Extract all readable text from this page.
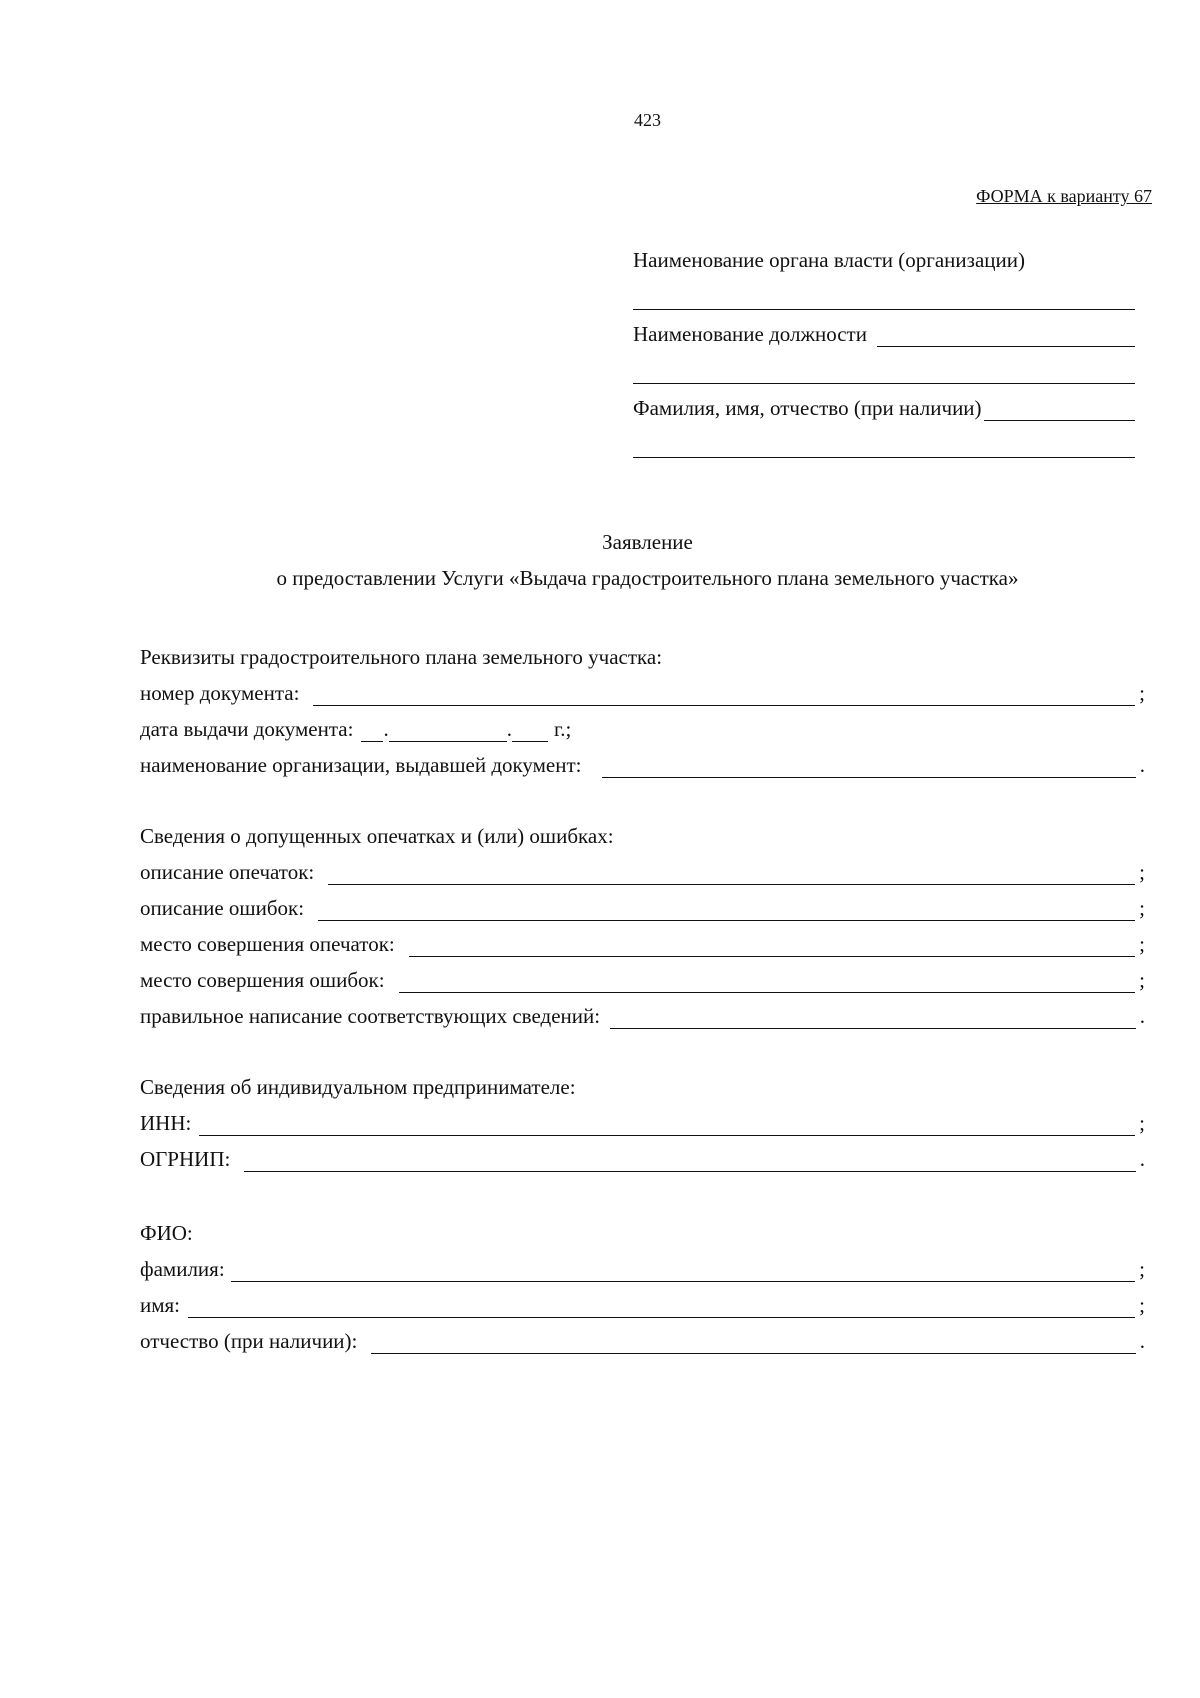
423
ФОРМА к варианту 67
Наименование органа власти (организации)
Наименование должности
Фамилия, имя, отчество (при наличии)
Заявление
о предоставлении Услуги «Выдача градостроительного плана земельного участка»
Реквизиты градостроительного плана земельного участка:
номер документа:	;
дата выдачи документа: .	. г.;
наименование организации, выдавшей документ:	.
Сведения о допущенных опечатках и (или) ошибках:
описание опечаток:	;
описание ошибок:	;
место совершения опечаток:	;
место совершения ошибок:	;
правильное написание соответствующих сведений:	.
Сведения об индивидуальном предпринимателе:
ИНН:	;
ОГРНИП:	.
ФИО:
фамилия:	;
имя:	;
отчество (при наличии):	.
